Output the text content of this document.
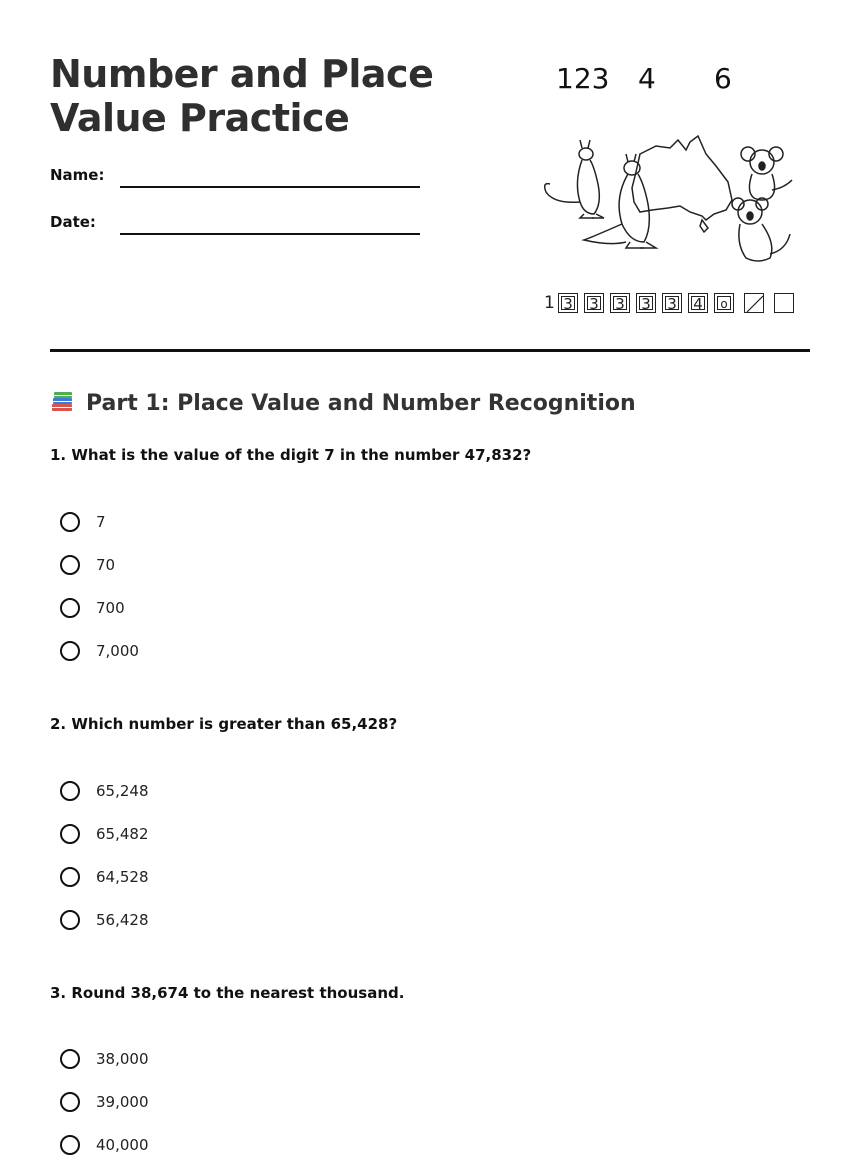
Number and Place Value Practice
Name:
Date:
123 4 6
1 3	3	3	3	3	4	o
Part 1: Place Value and Number Recognition
1. What is the value of the digit 7 in the number 47,832?
7
70
700
7,000
2. Which number is greater than 65,428?
65,248
65,482
64,528
56,428
3. Round 38,674 to the nearest thousand.
38,000
39,000
40,000
